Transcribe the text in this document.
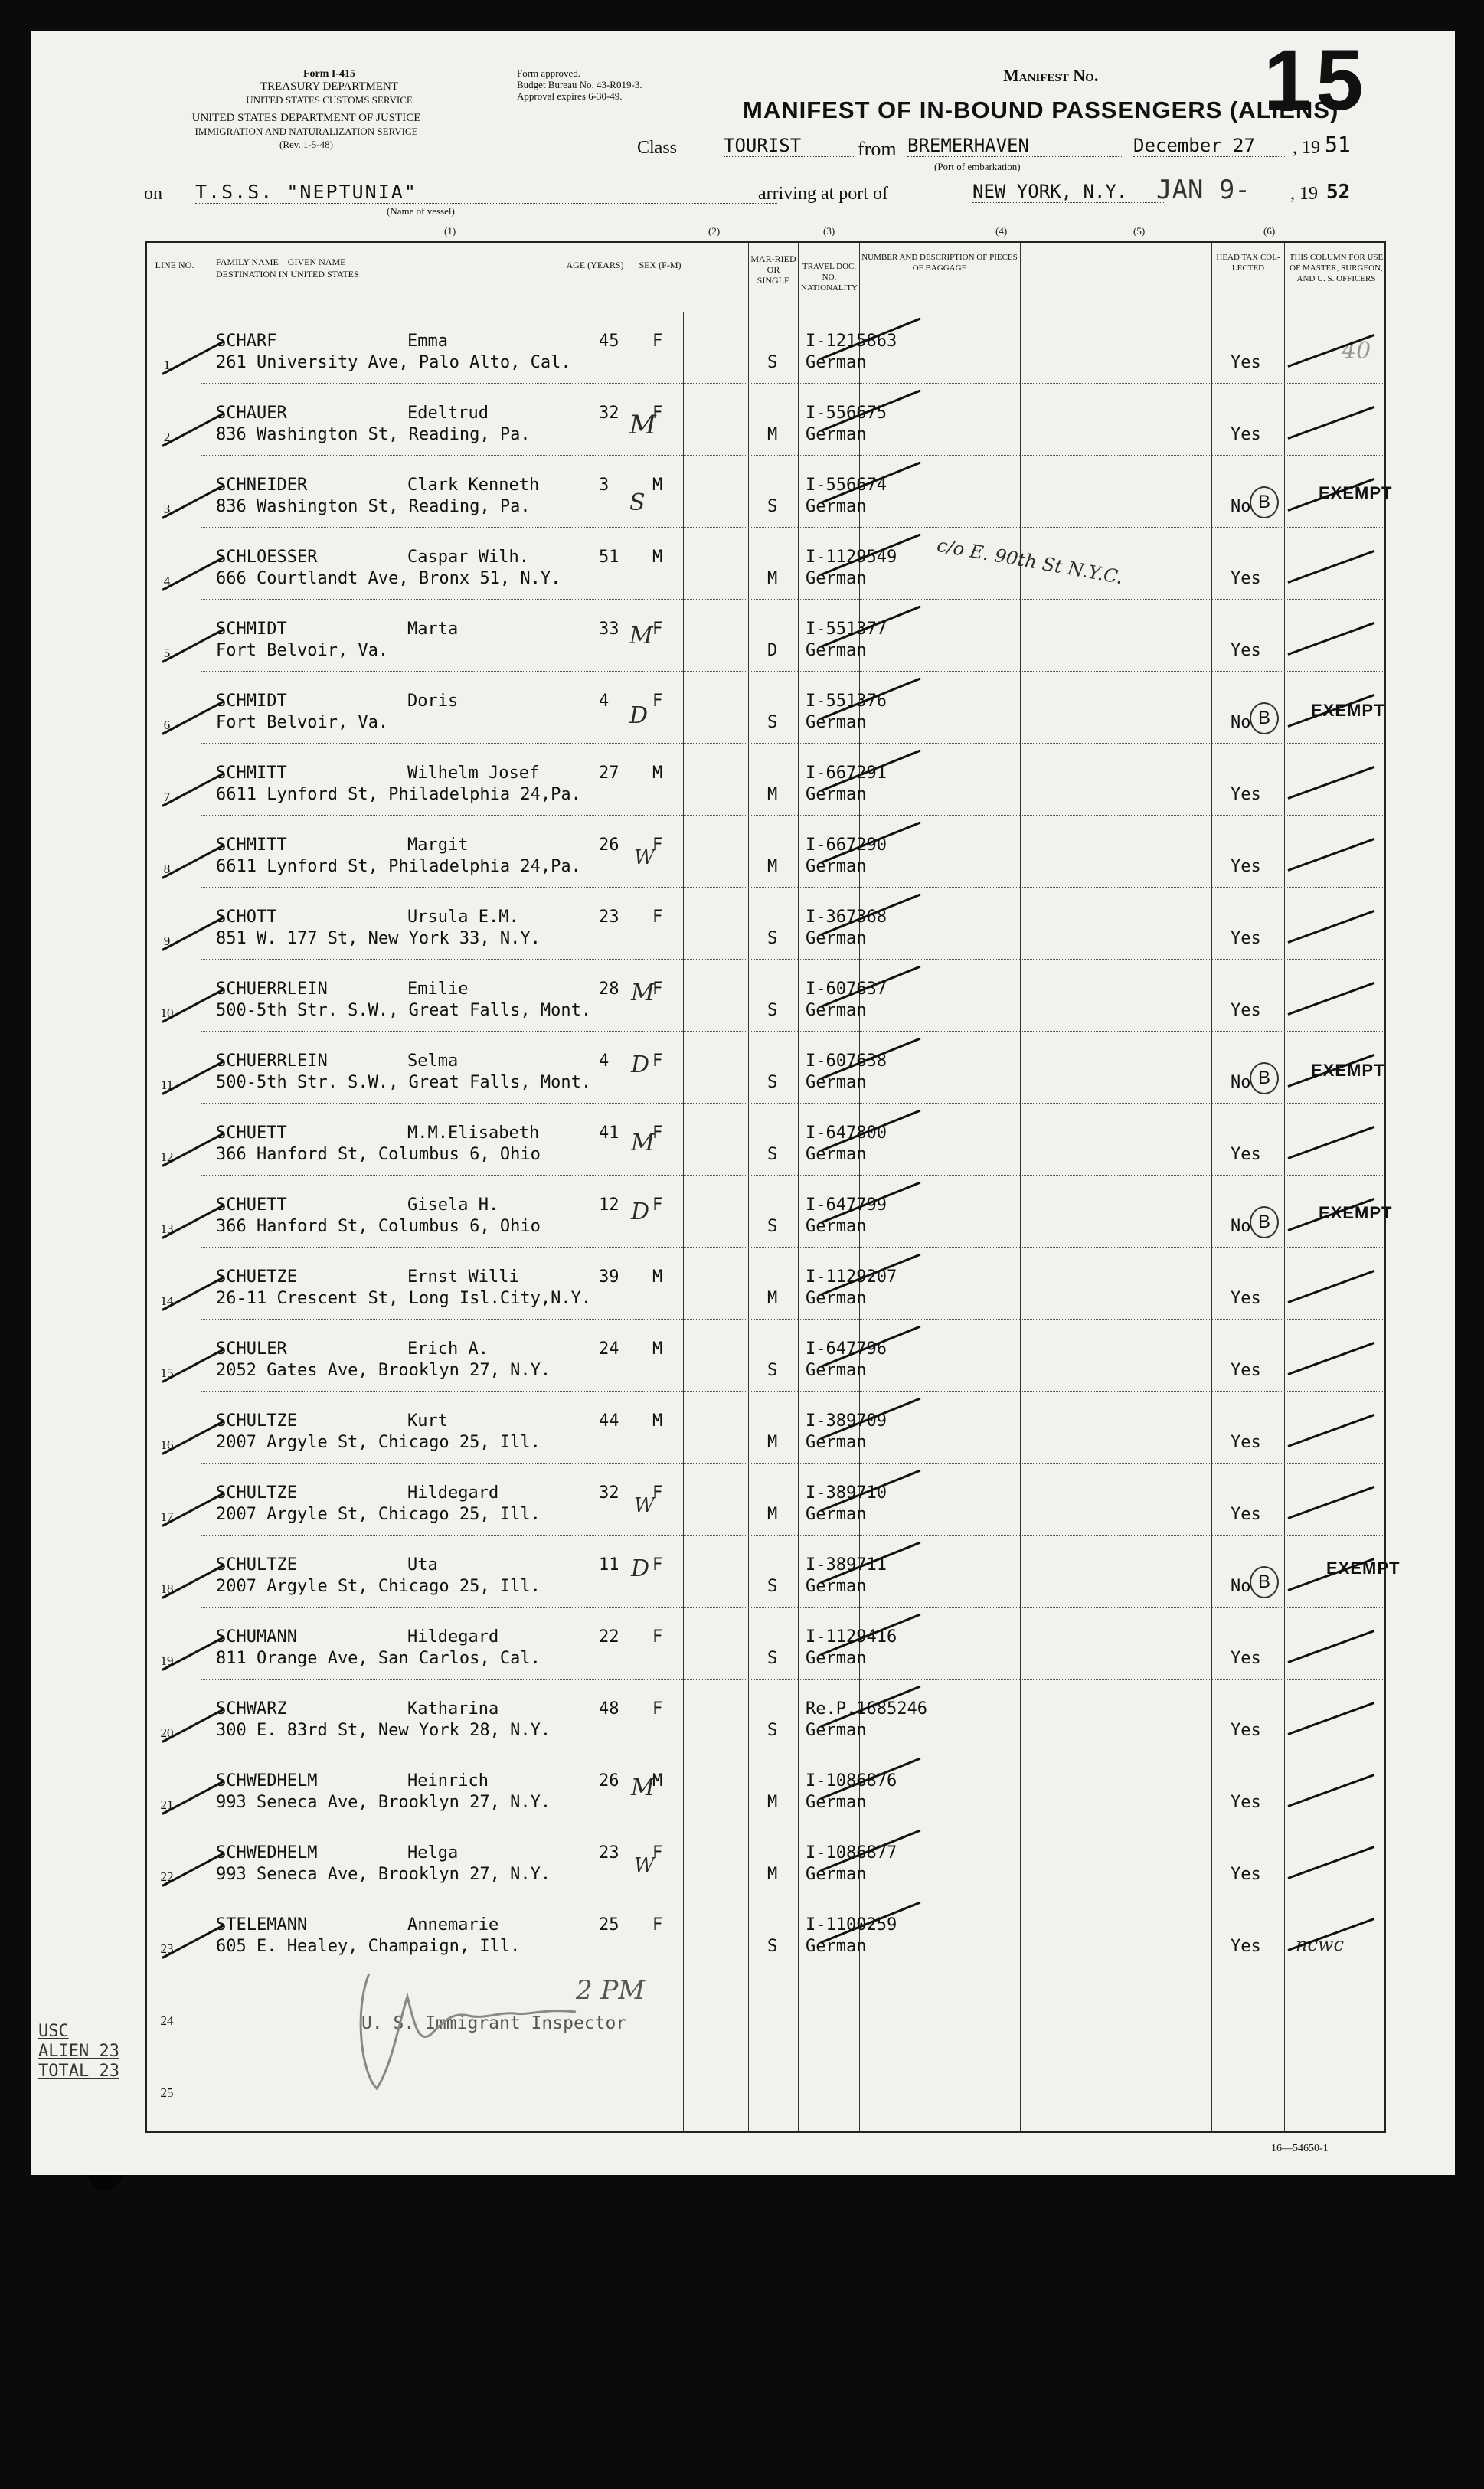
Form I-415
TREASURY DEPARTMENT
UNITED STATES CUSTOMS SERVICE
UNITED STATES DEPARTMENT OF JUSTICE
IMMIGRATION AND NATURALIZATION SERVICE
(Rev. 1-5-48)
Form approved.
Budget Bureau No. 43-R019-3.
Approval expires 6-30-49.
Manifest No. 15
MANIFEST OF IN-BOUND PASSENGERS (ALIENS)
Class	TOURIST	from BREMERHAVEN
(Port of embarkation)
December 27	, 19 51
on T.S.S. "NEPTUNIA"
(Name of vessel)
arriving at port of	NEW YORK, N.Y.	JAN 9- , 19 52
(1)	(2)	(3)	(4)	(5)	(6)
LINE NO.	FAMILY NAME—GIVEN NAME
DESTINATION IN UNITED STATES
AGE (YEARS)	SEX (F-M)
MAR-RIED OR SINGLE
TRAVEL DOC. NO. NATIONALITY
NUMBER AND DESCRIPTION OF PIECES OF BAGGAGE
HEAD TAX COL-LECTED
THIS COLUMN FOR USE OF MASTER, SURGEON, AND U. S. OFFICERS
1
SCHARF	Emma	45 F
261 University Ave, Palo Alto, Cal.	S
I-1215863
German	Yes	40
2
SCHAUER	Edeltrud	32 F
836 Washington St, Reading, Pa.	M
I-556675
German	Yes
M
3
SCHNEIDER	Clark Kenneth	3	M
836 Washington St, Reading, Pa.	S
I-556674
German	No B	EXEMPT
S
4
SCHLOESSER	Caspar Wilh.	51 M
666 Courtlandt Ave, Bronx 51, N.Y.	M
I-1129549
German	Yes
c/o E. 90th St N.Y.C.
5
SCHMIDT	Marta	33 F
Fort Belvoir, Va.	D
I-551377
German	Yes
M
6
SCHMIDT	Doris	4	F
Fort Belvoir, Va.	S
I-551376
German	No B	EXEMPT
D
7
SCHMITT	Wilhelm Josef	27 M
6611 Lynford St, Philadelphia 24,Pa.	M
I-667291
German	Yes
8
SCHMITT	Margit	26 F
6611 Lynford St, Philadelphia 24,Pa.	M
I-667290
German	Yes
W
9
SCHOTT	Ursula E.M.	23 F
851 W. 177 St, New York 33, N.Y.	S
I-367368
German	Yes
10
SCHUERRLEIN	Emilie	28 F
500-5th Str. S.W., Great Falls, Mont.	S
I-607637
German	Yes
M
11
SCHUERRLEIN	Selma	4	F
500-5th Str. S.W., Great Falls, Mont.	S
I-607638
German	No B	EXEMPT
D
12
SCHUETT	M.M.Elisabeth	41 F
366 Hanford St, Columbus 6, Ohio	S
I-647800
German	Yes
M
13
SCHUETT	Gisela H.	12 F
366 Hanford St, Columbus 6, Ohio	S
I-647799
German	No B	EXEMPT
D
14
SCHUETZE	Ernst Willi	39 M
26-11 Crescent St, Long Isl.City,N.Y.	M
I-1129207
German	Yes
15
SCHULER	Erich A.	24 M
2052 Gates Ave, Brooklyn 27, N.Y.	S
I-647796
German	Yes
16
SCHULTZE	Kurt	44 M
2007 Argyle St, Chicago 25, Ill.	M
I-389709
German	Yes
17
SCHULTZE	Hildegard	32 F
2007 Argyle St, Chicago 25, Ill.	M
I-389710
German	Yes
W
18
SCHULTZE	Uta	11 F
2007 Argyle St, Chicago 25, Ill.	S
I-389711
German	No B
EXEMPT
D
19
SCHUMANN	Hildegard	22 F
811 Orange Ave, San Carlos, Cal.	S
I-1129416
German	Yes
20
SCHWARZ	Katharina	48 F
300 E. 83rd St, New York 28, N.Y.	S
Re.P.1685246
German	Yes
21
SCHWEDHELM	Heinrich	26 M
993 Seneca Ave, Brooklyn 27, N.Y.	M
I-1086876
German	Yes
M
22
SCHWEDHELM	Helga	23 F
993 Seneca Ave, Brooklyn 27, N.Y.	M
I-1086877
German	Yes
W
23
STELEMANN	Annemarie	25 F
605 E. Healey, Champaign, Ill.	S
I-1100259
German	Yes ncwc
24
2 PM
U. S. Immigrant Inspector
25
USC
ALIEN 23
TOTAL 23
16—54650-1
